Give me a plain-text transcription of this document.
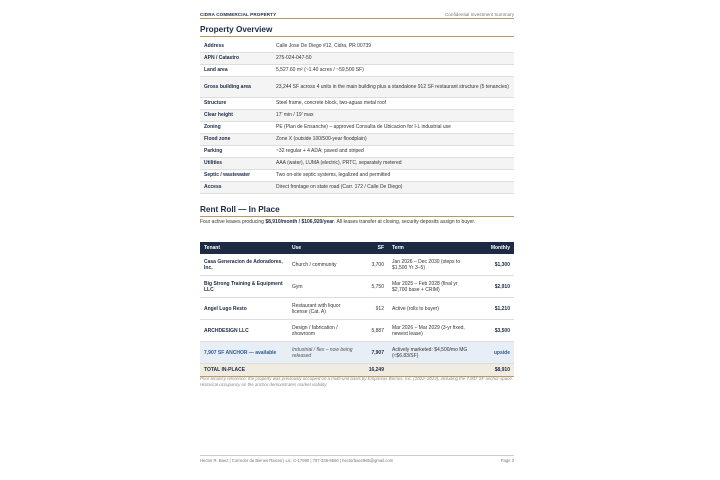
CIDRA COMMERCIAL PROPERTY	Confidential Investment Summary
Property Overview
Address	Calle Jose De Diego #12, Cidra, PR 00739
APN / Catastro	275-024-047-50
Land area	5,527.60 m² (~1.40 acres / ~59,500 SF)
Gross building area	23,244 SF across 4 units in the main building plus a standalone 912 SF restaurant structure (5 tenancies)
Structure	Steel frame, concrete block, two-aguas metal roof
Clear height	17' min / 19' max
Zoning	PE (Plan de Ensanche) – approved Consulta de Ubicacion for I-L industrial use
Flood zone	Zone X (outside 100/500-year floodplain)
Parking	~32 regular + 4 ADA; paved and striped
Utilities	AAA (water), LUMA (electric), PRTC, separately metered
Septic / wastewater	Two on-site septic systems, legalized and permitted
Access	Direct frontage on state road (Carr. 172 / Calle De Diego)
Rent Roll — In Place
Four active leases producing $8,910/month / $106,920/year. All leases transfer at closing, security deposits assign to buyer.
Tenant	Use	SF	Term	Monthly
Casa Generacion de Adoradores, Inc.	Church / community	3,700	Jan 2026 – Dec 2030 (steps to $1,500 Yr 3–5)	$1,300
Big Strong Training & Equipment LLC	Gym	5,750	Mar 2025 – Feb 2028 (final yr $2,700 base + CRIM)	$2,910
Angel Lugo Resto	Restaurant with liquor license (Cat. A)	912	Active (rolls to buyer)	$1,210
ARCHDESIGN LLC	Design / fabrication / showroom	5,887	Mar 2026 – Mar 2029 (3-yr fixed, newest lease)	$3,500
7,907 SF ANCHOR — available	Industrial / flex – now being released	7,907	Actively marketed: $4,500/mo MG (≈$6.83/SF)	upside
TOTAL IN-PLACE		16,249		$8,910
Prior tenancy reference: the property was previously occupied on a multi-unit basis by Empresas Berrios, Inc. (2022–2024), including the 7,907 SF anchor space. Historical occupancy on the anchor demonstrates market viability.
Hector R. Baez | Corredor de Bienes Raices | Lic. C-17990 | 787-336-9560 | hectorbaez965@gmail.com	Page 3
